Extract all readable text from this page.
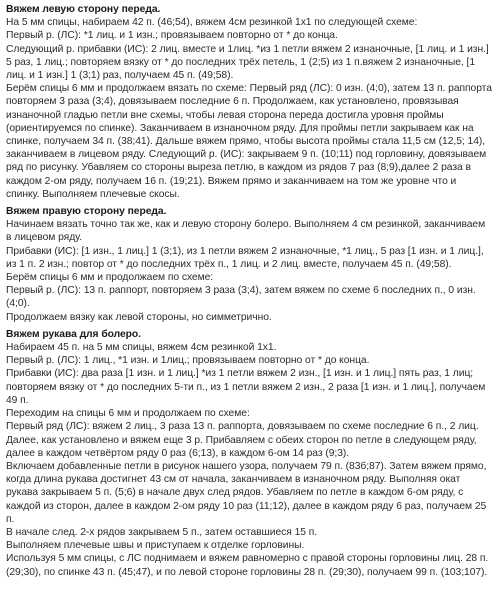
Вяжем левую сторону переда.

На 5 мм спицы, набираем 42 п. (46;54), вяжем 4см резинкой 1х1 по следующей схеме:

Первый р. (ЛС): *1 лиц. и 1 изн.; провязываем повторно от * до конца.

Следующий р. прибавки (ИС): 2 лиц. вместе и 1лиц. *из 1 петли вяжем 2 изнаночные, [1 лиц. и 1 изн.] 5 раз, 1 лиц.; повторяем вязку от * до последних трёх петель, 1 (2;5) из 1 п.вяжем 2 изнаночные, [1 лиц. и 1 изн.] 1 (3;1) раз, получаем 45 п. (49;58).

Берём спицы 6 мм и продолжаем вязать по схеме: Первый ряд (ЛС): 0 изн. (4;0), затем 13 п. раппорта повторяем 3 раза (3;4), довязываем последние 6 п. Продолжаем, как установлено, провязывая изнаночной гладью петли вне схемы, чтобы левая сторона переда достигла уровня проймы (ориентируемся по спинке). Заканчиваем в изнаночном ряду. Для проймы петли закрываем как на спинке, получаем 34 п. (38;41). Дальше вяжем прямо, чтобы высота проймы стала 11,5 см (12,5; 14), заканчиваем в лицевом ряду. Следующий р. (ИС): закрываем 9 п. (10;11) под горловину, довязываем ряд по рисунку. Убавляем со стороны выреза петлю, в каждом из рядов 7 раз (8;9),далее 2 раза в каждом 2-ом ряду, получаем 16 п. (19;21). Вяжем прямо и заканчиваем на том же уровне что и спинку. Выполняем плечевые скосы.

Вяжем правую сторону переда.

Начинаем вязать точно так же, как и левую сторону болеро. Выполняем 4 см резинкой, заканчиваем в лицевом ряду.

Прибавки (ИС): [1 изн., 1 лиц.] 1 (3;1), из 1 петли вяжем 2 изнаночные, *1 лиц., 5 раз [1 изн. и 1 лиц.], из 1 п. 2 изн.; повтор от * до последних трёх п., 1 лиц. и 2 лиц. вместе, получаем 45 п. (49;58).

Берём спицы 6 мм и продолжаем по схеме:

Первый р. (ЛС): 13 п. раппорт, повторяем 3 раза (3;4), затем вяжем по схеме 6 последних п., 0 изн. (4;0).

Продолжаем вязку как левой стороны, но симметрично.

Вяжем рукава для болеро.

Набираем 45 п. на 5 мм спицы, вяжем 4см резинкой 1х1.

Первый р. (ЛС): 1 лиц., *1 изн. и 1лиц.; провязываем повторно от * до конца.

Прибавки (ИС): два раза [1 изн. и 1 лиц.] *из 1 петли вяжем 2 изн., [1 изн. и 1 лиц.] пять раз, 1 лиц; повторяем вязку от * до последних 5-ти п., из 1 петли вяжем 2 изн., 2 раза [1 изн. и 1 лиц.], получаем 49 п.

Переходим на спицы 6 мм и продолжаем по схеме:

Первый ряд (ЛС): вяжем 2 лиц., 3 раза 13 п. раппорта, довязываем по схеме последние 6 п., 2 лиц. Далее, как установлено и вяжем еще 3 р. Прибавляем с обеих сторон по петле в следующем ряду, далее в каждом четвёртом ряду 0 раз (6;13), в каждом 6-ом 14 раз (9;3).

Включаем добавленные петли в рисунок нашего узора, получаем 79 п. (83б;87). Затем вяжем прямо, когда длина рукава достигнет 43 см от начала, заканчиваем в изнаночном ряду. Выполняя окат рукава закрываем 5 п. (5;6) в начале двух след рядов. Убавляем по петле в каждом 6-ом ряду, с каждой из сторон, далее в каждом 2-ом ряду 10 раз (11;12), далее в каждом ряду 6 раз, получаем 25 п.

В начале след. 2-х рядов закрываем 5 п., затем оставшиеся 15 п.

Выполняем плечевые швы и приступаем к отделке горловины.

Используя 5 мм спицы, с ЛС поднимаем и вяжем равномерно с правой стороны горловины лиц. 28 п. (29;30), по спинке 43 п. (45;47), и по левой стороне горловины 28 п. (29;30), получаем 99 п. (103;107).
